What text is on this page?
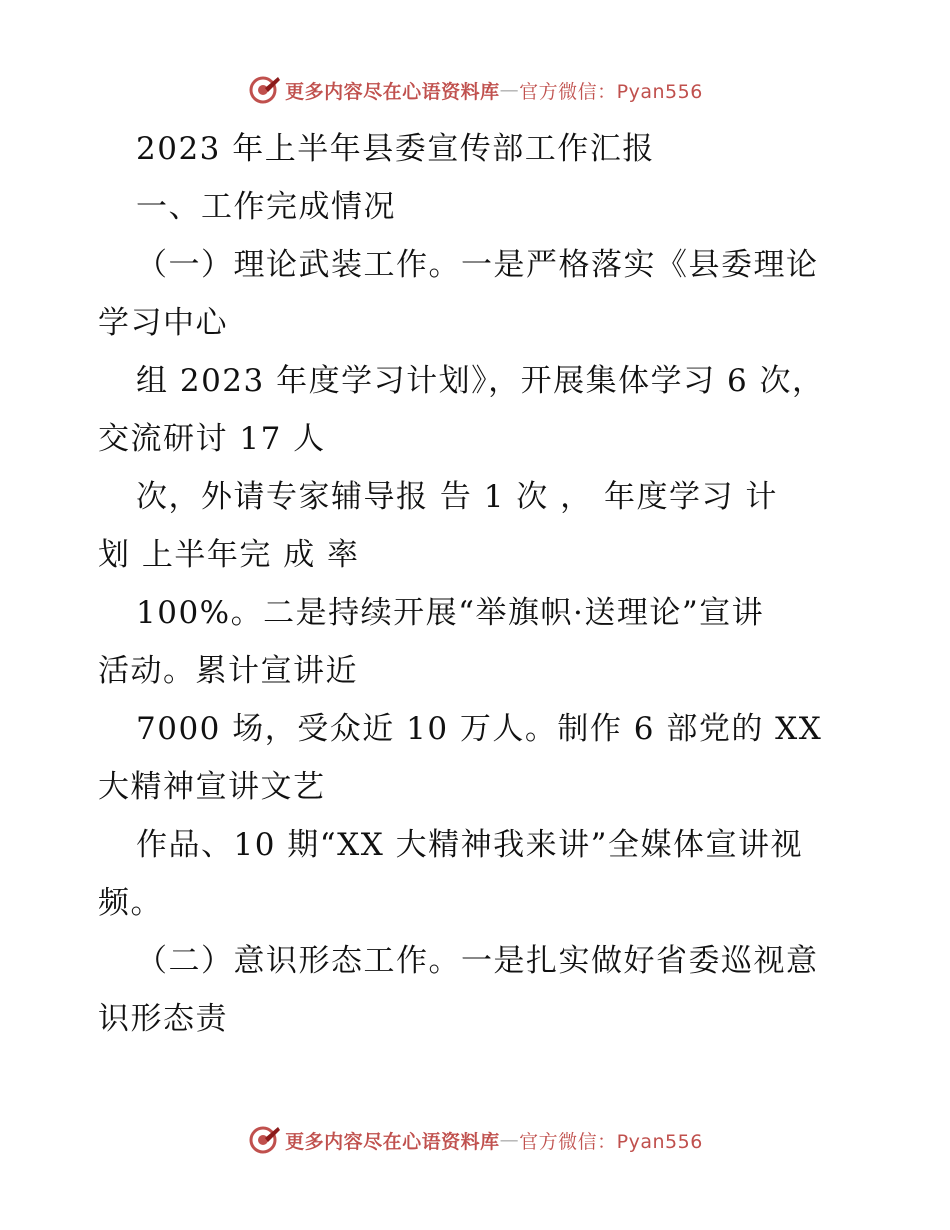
更多内容尽在心语资料库 — 官方微信：Pyan556
2023 年上半年县委宣传部工作汇报
一、工作完成情况
（一）理论武装工作。一是严格落实《县委理论
学习中心
组 2023 年度学习计划》，开展集体学习 6 次，
交流研讨 17 人
次，外请专家辅导报 告 1 次 ， 年度学习 计
划 上半年完 成 率
100%。二是持续开展“举旗帜·送理论”宣讲
活动。累计宣讲近
7000 场，受众近 10 万人。制作 6 部党的 XX
大精神宣讲文艺
作品、10 期“XX 大精神我来讲”全媒体宣讲视
频。
（二）意识形态工作。一是扎实做好省委巡视意
识形态责
更多内容尽在心语资料库 — 官方微信：Pyan556
